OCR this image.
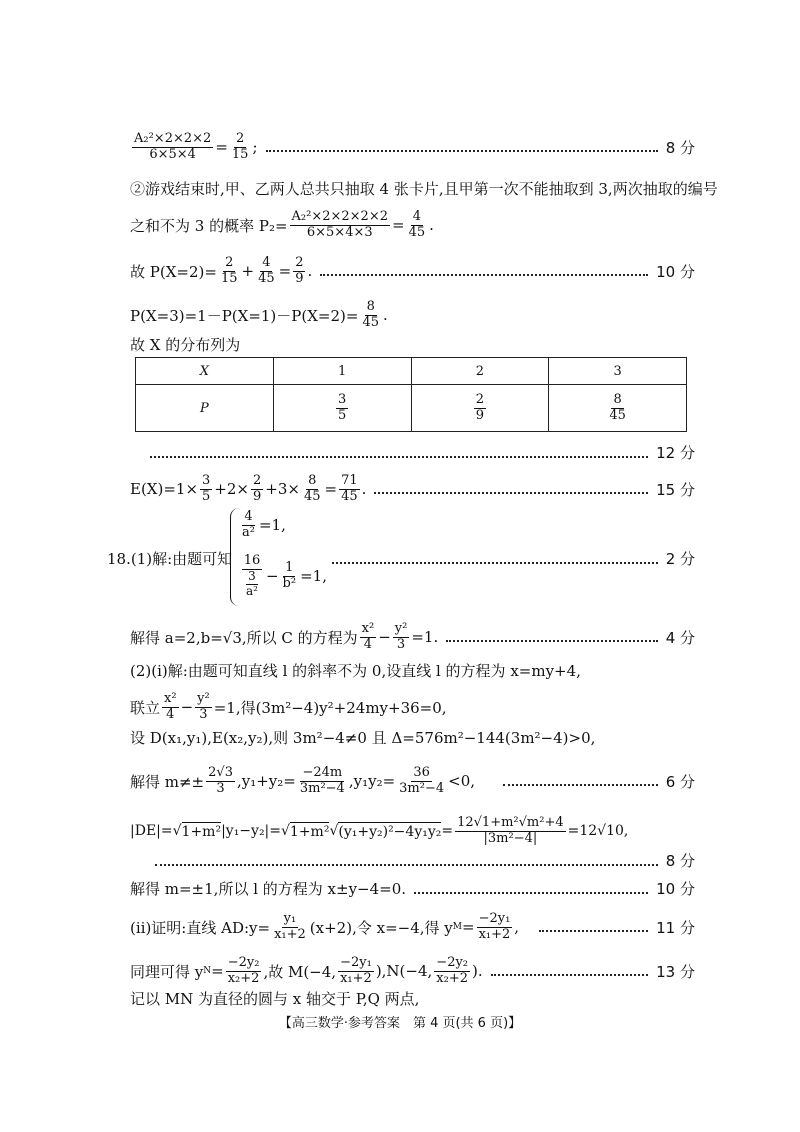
$\frac{\text{A₂²×2×2×2}}{6\times 5\times 4} = \frac{2}{15}$ ;	8 分
②游戏结束时,甲、乙两人总共只抽取 4 张卡片,且甲第一次不能抽取到 3,两次抽取的编号
之和不为 3 的概率 $P_2= \frac{\text{A₂²×2×2×2×2}}{6\times 5\times 4\times 3} = \frac{4}{45}$ .
故 $P(X=2)= \frac{2}{15} + \frac{4}{45} = \frac{2}{9}$ .	10 分
$P(X=3)=1-P(X=1)-P(X=2)= \frac{8}{45}$ .
故 X 的分布列为
X	1	2	3
P	$\frac{3}{5}$	$\frac{2}{9}$	$\frac{8}{45}$
12 分
$E(X)=1\times \frac{3}{5} +2\times \frac{2}{9} +3\times \frac{8}{45} = \frac{71}{45}$ .	15 分
18.(1)解:由题可知	2 分
$\frac{4}{\text{a²}} =1$,
$\frac{16}{\frac{3}{\text{a²}}} - \frac{1}{\text{b²}} =1$,
解得 a=2,b=√3,所以 C 的方程为 $\frac{\text{x²}}{4} - \frac{\text{y²}}{3} =1$.	4 分
(2)(ⅰ)解:由题可知直线 l 的斜率不为 0,设直线 l 的方程为 x=my+4,
联立 $\frac{\text{x²}}{4} - \frac{\text{y²}}{3} =1$,得(3m²−4)y²+24my+36=0,
设 D(x₁,y₁),E(x₂,y₂),则 3m²−4≠0 且 Δ=576m²−144(3m²−4)>0,
解得 $m\ne\pm \frac{2√3}{3} ,y_1+y_2= \frac{-24m}{\text{3m²−4}} ,y_1y_2= \frac{36}{\text{3m²−4}} <0$,	6 分
|DE|= √ 1+m² |y₁−y₂|= √ 1+m² √ $(y_1+y_2)^2-4y_1y_2 = \frac{\text{12√1+m²√m²+4}}{\text{|3m²−4|}} =12√10$,
8 分
解得 m=±1,所以 l 的方程为 x±y−4=0.	10 分
(ⅱ)证明:直线 AD:y= $\frac{\text{y₁}}{\text{x₁+2}} (x+2)$,令 x=−4,得 y $M = \frac{\text{−2y₁}}{\text{x₁+2}}$ ,	11 分
同理可得 y $N = \frac{\text{−2y₂}}{\text{x₂+2}}$ ,故 M(−4, $\frac{\text{−2y₁}}{\text{x₁+2}} ),N(-4$, $\frac{\text{−2y₂}}{\text{x₂+2}}$ ).	13 分
记以 MN 为直径的圆与 x 轴交于 P,Q 两点,
【高三数学·参考答案　第 4 页(共 6 页)】
